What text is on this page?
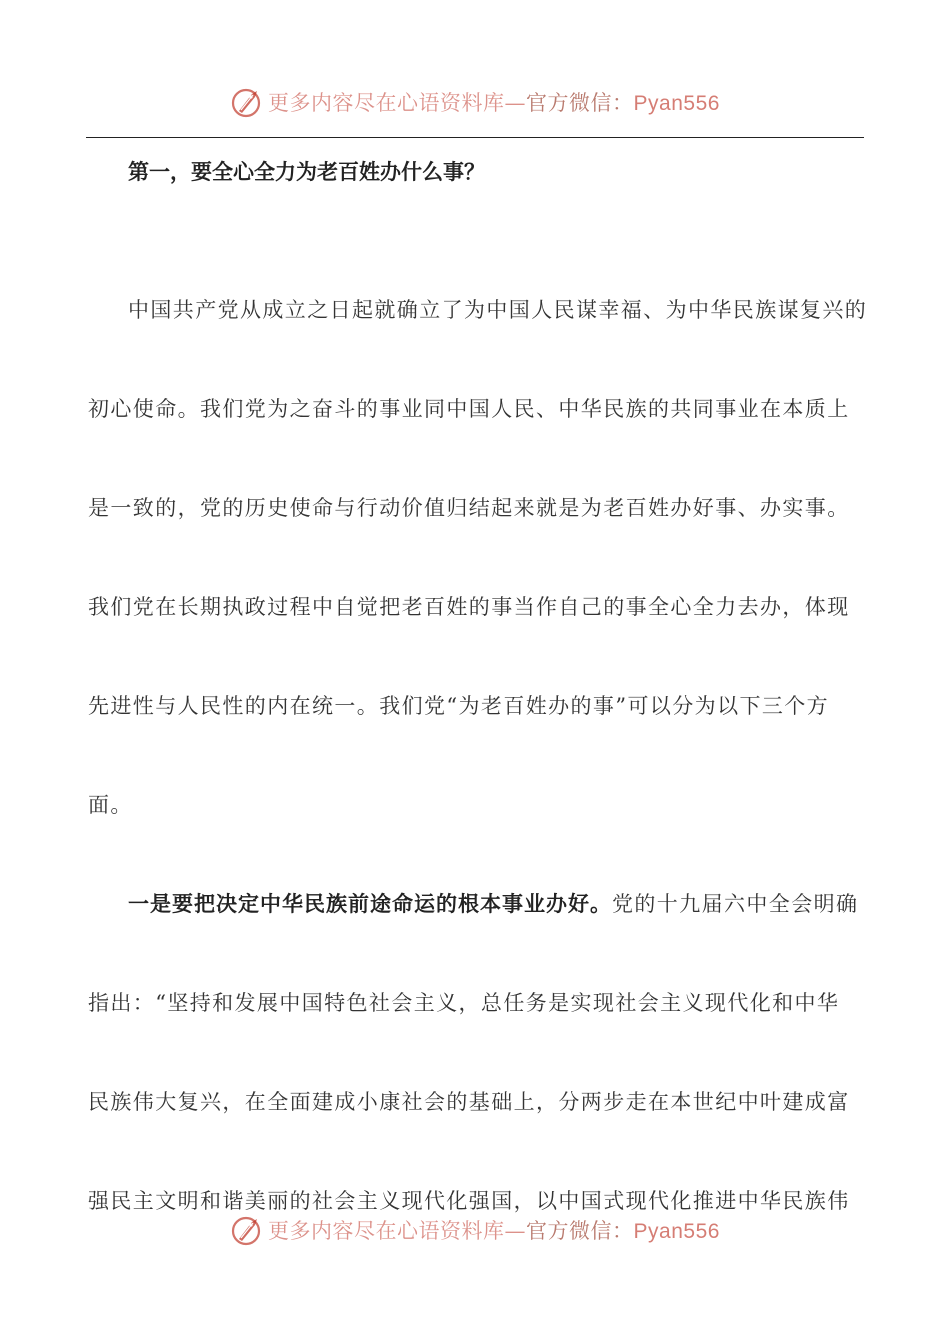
更多内容尽在心语资料库—官方微信：Pyan556

第一，要全心全力为老百姓办什么事？

中国共产党从成立之日起就确立了为中国人民谋幸福、为中华民族谋复兴的
初心使命。我们党为之奋斗的事业同中国人民、中华民族的共同事业在本质上
是一致的，党的历史使命与行动价值归结起来就是为老百姓办好事、办实事。
我们党在长期执政过程中自觉把老百姓的事当作自己的事全心全力去办，体现
先进性与人民性的内在统一。我们党“为老百姓办的事”可以分为以下三个方
面。
一是要把决定中华民族前途命运的根本事业办好。党的十九届六中全会明确
指出：“坚持和发展中国特色社会主义，总任务是实现社会主义现代化和中华
民族伟大复兴，在全面建成小康社会的基础上，分两步走在本世纪中叶建成富
强民主文明和谐美丽的社会主义现代化强国，以中国式现代化推进中华民族伟
更多内容尽在心语资料库—官方微信：Pyan556
